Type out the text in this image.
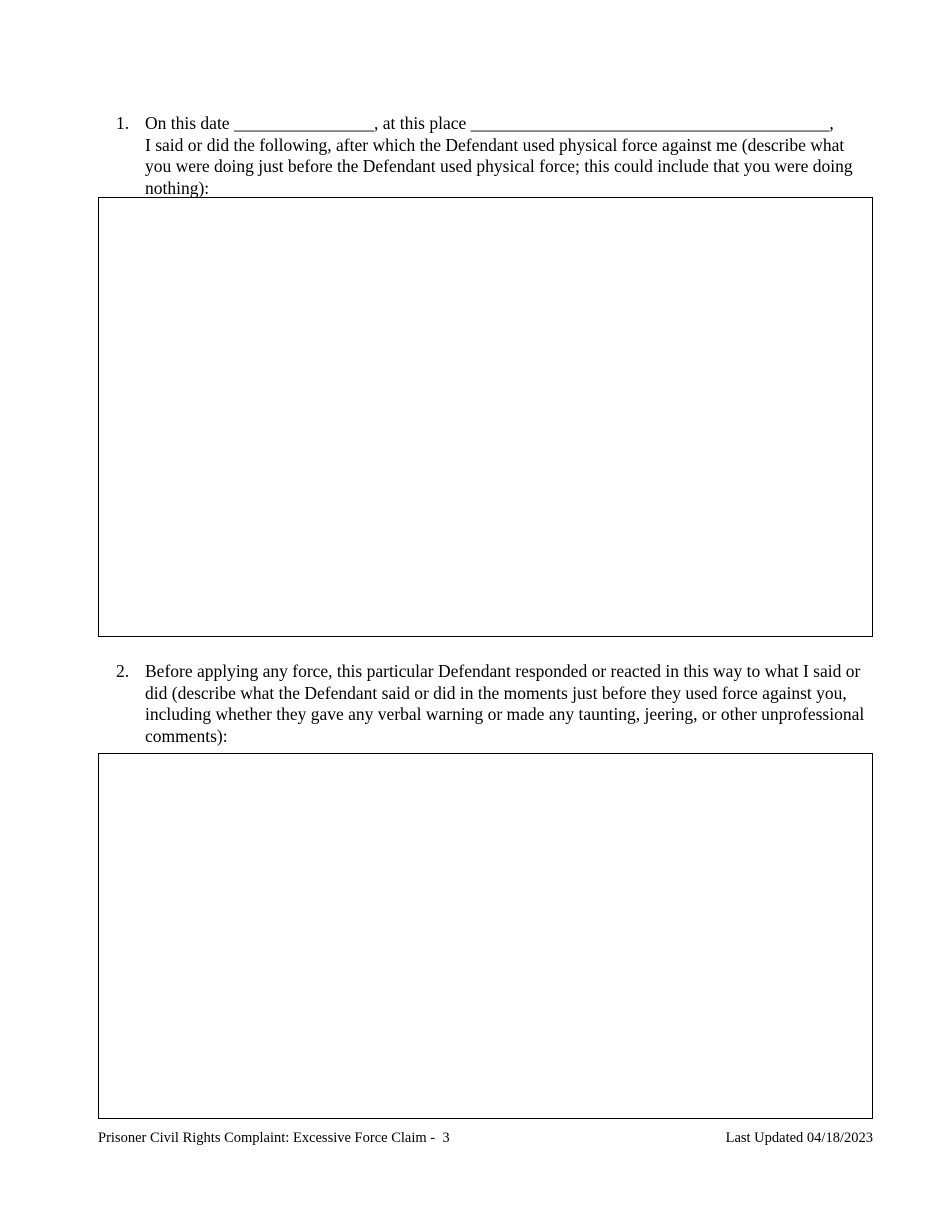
1. On this date ________________, at this place _________________________________________,
I said or did the following, after which the Defendant used physical force against me (describe what you were doing just before the Defendant used physical force; this could include that you were doing nothing):
2. Before applying any force, this particular Defendant responded or reacted in this way to what I said or did (describe what the Defendant said or did in the moments just before they used force against you, including whether they gave any verbal warning or made any taunting, jeering, or other unprofessional comments):
Prisoner Civil Rights Complaint: Excessive Force Claim -  3	Last Updated 04/18/2023
